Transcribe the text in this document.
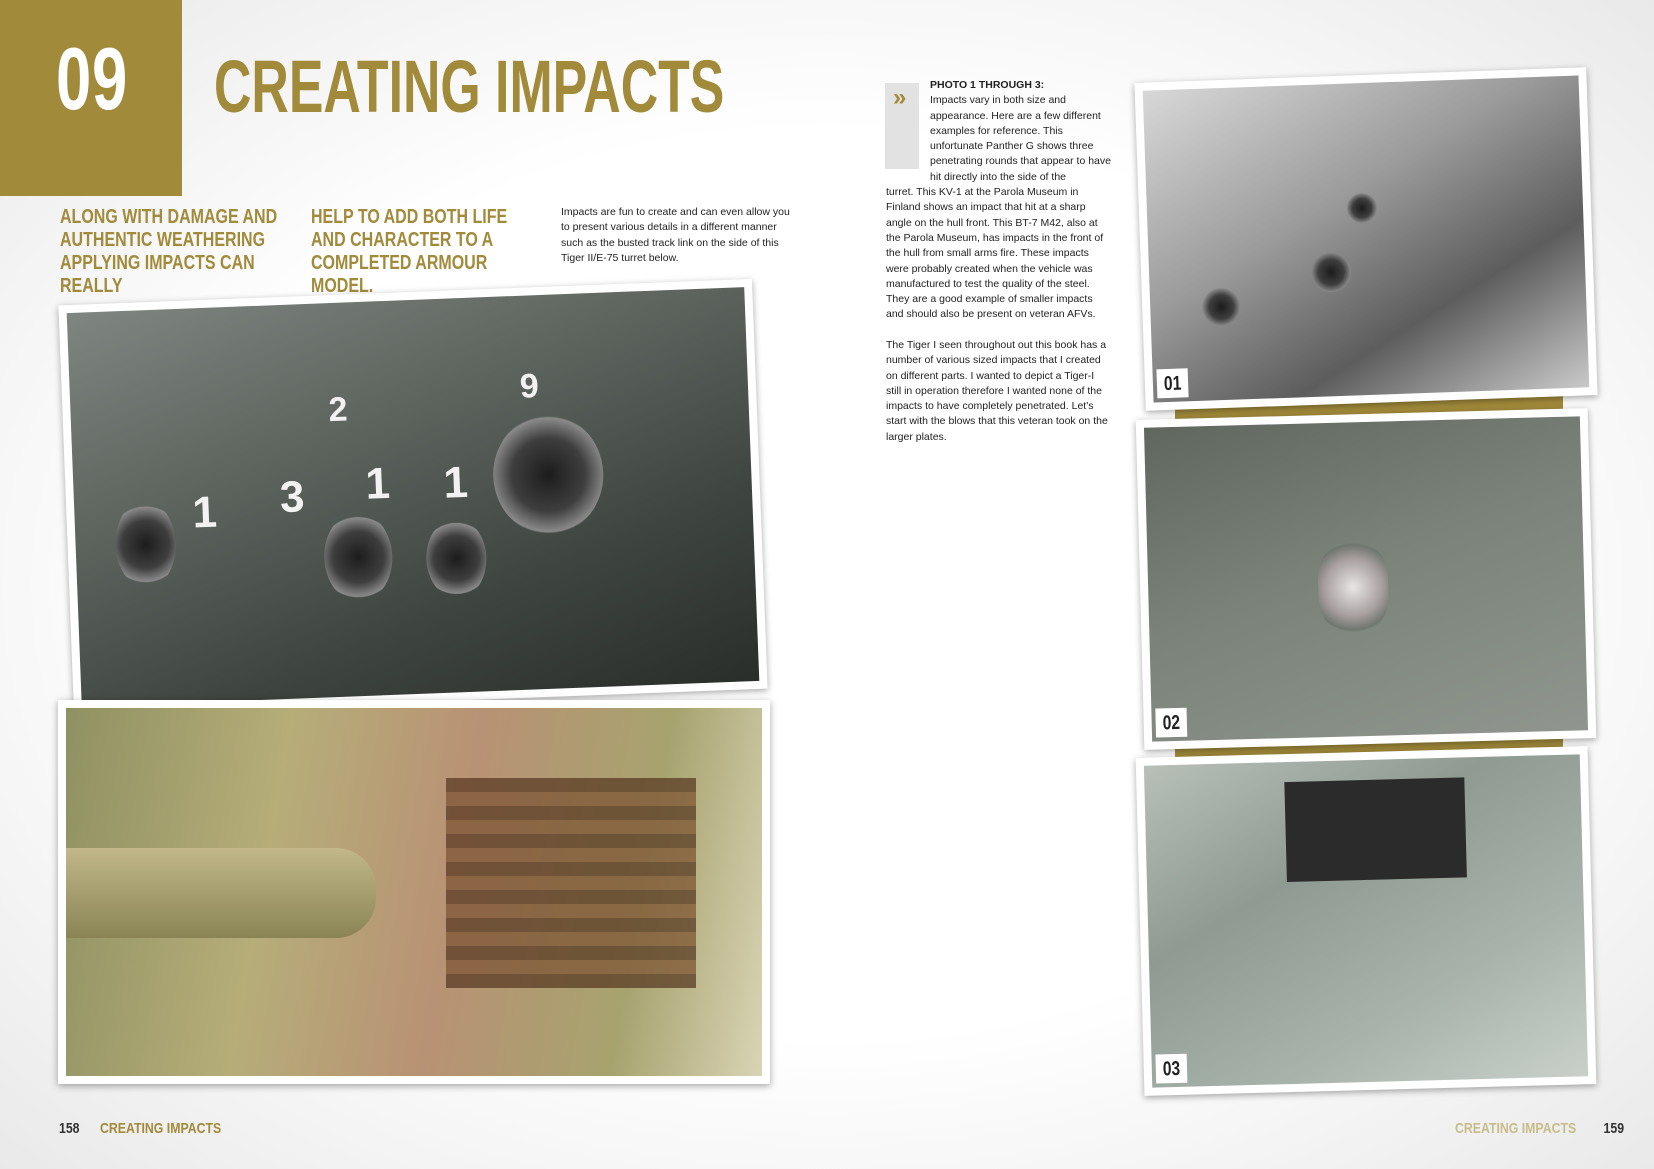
09 CREATING IMPACTS
ALONG WITH DAMAGE AND AUTHENTIC WEATHERING APPLYING IMPACTS CAN REALLY
HELP TO ADD BOTH LIFE AND CHARACTER TO A COMPLETED ARMOUR MODEL.
Impacts are fun to create and can even allow you to present various details in a different manner such as the busted track link on the side of this Tiger II/E-75 turret below.
2
9
1 3 1 1
» PHOTO 1 THROUGH 3:
Impacts vary in both size and appearance. Here are a few different examples for reference. This unfortunate Panther G shows three penetrating rounds that appear to have hit directly into the side of the
turret. This KV-1 at the Parola Museum in Finland shows an impact that hit at a sharp angle on the hull front. This BT-7 M42, also at the Parola Museum, has impacts in the front of the hull from small arms fire. These impacts were probably created when the vehicle was manufactured to test the quality of the steel. They are a good example of smaller impacts and should also be present on veteran AFVs.
The Tiger I seen throughout out this book has a number of various sized impacts that I created on different parts. I wanted to depict a Tiger-I still in operation therefore I wanted none of the impacts to have completely penetrated. Let's start with the blows that this veteran took on the larger plates.
01
02
03
158 CREATING IMPACTS	CREATING IMPACTS 159
